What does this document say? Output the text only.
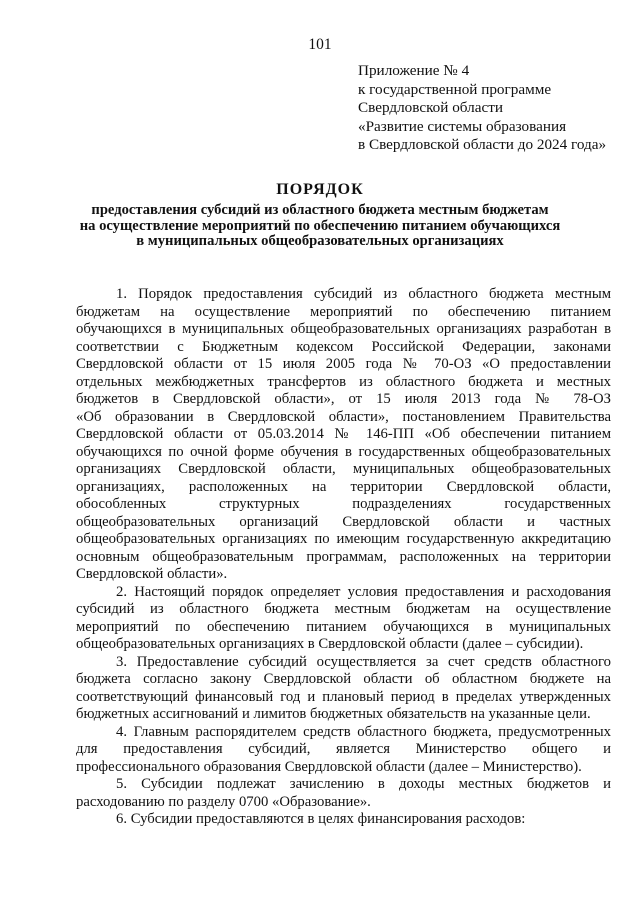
101
Приложение № 4
к государственной программе
Свердловской области
«Развитие системы образования
в Свердловской области до 2024 года»
ПОРЯДОК
предоставления субсидий из областного бюджета местным бюджетам
на осуществление мероприятий по обеспечению питанием обучающихся
в муниципальных общеобразовательных организациях
1. Порядок предоставления субсидий из областного бюджета местным
бюджетам на осуществление мероприятий по обеспечению питанием
обучающихся в муниципальных общеобразовательных организациях разработан в
соответствии с Бюджетным кодексом Российской Федерации, законами
Свердловской области от 15 июля 2005 года № 70-ОЗ «О предоставлении
отдельных межбюджетных трансфертов из областного бюджета и местных
бюджетов в Свердловской области», от 15 июля 2013 года № 78-ОЗ
«Об образовании в Свердловской области», постановлением Правительства
Свердловской области от 05.03.2014 № 146-ПП «Об обеспечении питанием
обучающихся по очной форме обучения в государственных общеобразовательных
организациях Свердловской области, муниципальных общеобразовательных
организациях, расположенных на территории Свердловской области,
обособленных структурных подразделениях государственных
общеобразовательных организаций Свердловской области и частных
общеобразовательных организациях по имеющим государственную аккредитацию
основным общеобразовательным программам, расположенных на территории
Свердловской области».
2. Настоящий порядок определяет условия предоставления и расходования
субсидий из областного бюджета местным бюджетам на осуществление
мероприятий по обеспечению питанием обучающихся в муниципальных
общеобразовательных организациях в Свердловской области (далее – субсидии).
3. Предоставление субсидий осуществляется за счет средств областного
бюджета согласно закону Свердловской области об областном бюджете на
соответствующий финансовый год и плановый период в пределах утвержденных
бюджетных ассигнований и лимитов бюджетных обязательств на указанные цели.
4. Главным распорядителем средств областного бюджета, предусмотренных
для предоставления субсидий, является Министерство общего и
профессионального образования Свердловской области (далее – Министерство).
5. Субсидии подлежат зачислению в доходы местных бюджетов и
расходованию по разделу 0700 «Образование».
6. Субсидии предоставляются в целях финансирования расходов:
